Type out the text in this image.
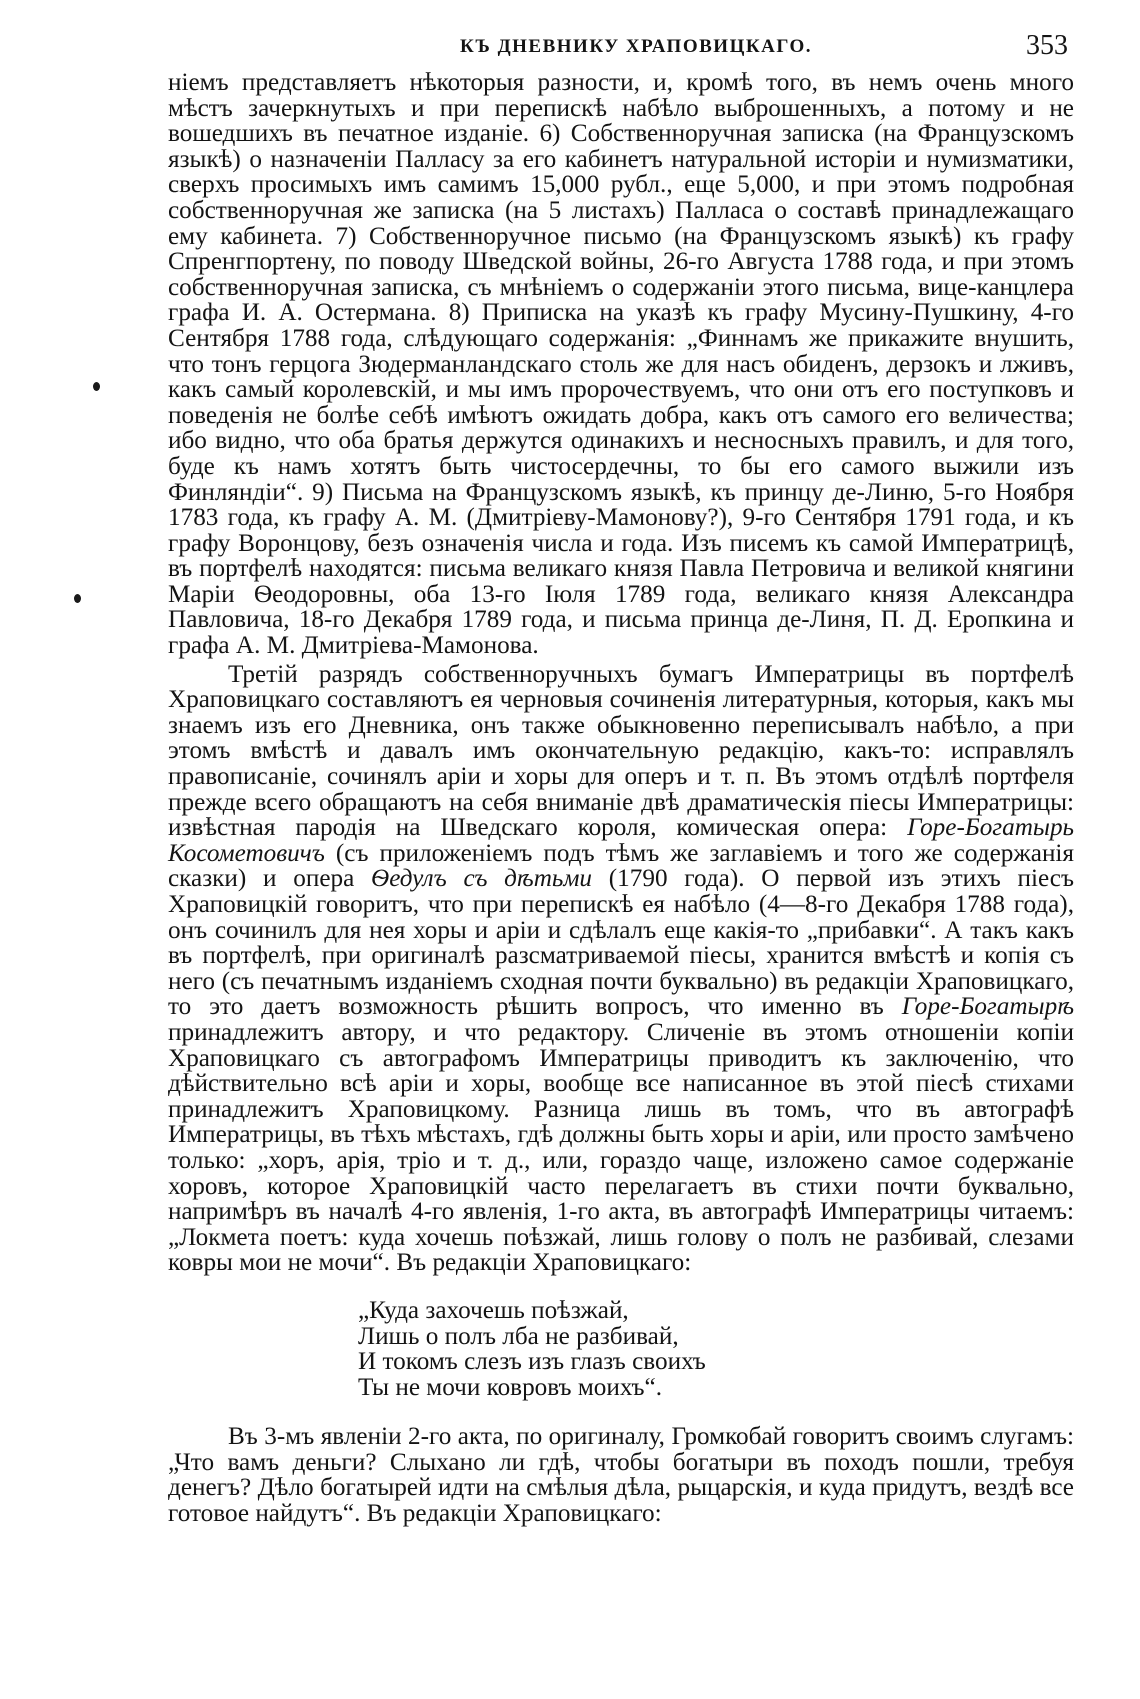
КЪ ДНЕВНИКУ ХРАПОВИЦКАГО.	353

ніемъ представляетъ нѣкоторыя разности, и, кромѣ того, въ немъ очень много мѣстъ зачеркнутыхъ и при перепискѣ набѣло выброшенныхъ, а потому и не вошедшихъ въ печатное изданіе. 6) Собственноручная записка (на Французскомъ языкѣ) о назначеніи Палласу за его кабинетъ натуральной исторіи и нумизматики, сверхъ просимыхъ имъ самимъ 15,000 рубл., еще 5,000, и при этомъ подробная собственноручная же записка (на 5 листахъ) Палласа о составѣ принадлежащаго ему кабинета. 7) Собственноручное письмо (на Французскомъ языкѣ) къ графу Спренгпортену, по поводу Шведской войны, 26-го Августа 1788 года, и при этомъ собственноручная записка, съ мнѣніемъ о содержаніи этого письма, вице-канцлера графа И. А. Остермана. 8) Приписка на указѣ къ графу Мусину-Пушкину, 4-го Сентября 1788 года, слѣдующаго содержанія: „Финнамъ же прикажите внушить, что тонъ герцога Зюдерманландскаго столь же для насъ обиденъ, дерзокъ и лживъ, какъ самый королевскій, и мы имъ пророчествуемъ, что они отъ его поступковъ и поведенія не болѣе себѣ имѣютъ ожидать добра, какъ отъ самого его величества; ибо видно, что оба братья держутся одинакихъ и несносныхъ правилъ, и для того, буде къ намъ хотятъ быть чистосердечны, то бы его самого выжили изъ Финляндіи“. 9) Письма на Французскомъ языкѣ, къ принцу де-Линю, 5-го Ноября 1783 года, къ графу А. М. (Дмитріеву-Мамонову?), 9-го Сентября 1791 года, и къ графу Воронцову, безъ означенія числа и года. Изъ писемъ къ самой Императрицѣ, въ портфелѣ находятся: письма великаго князя Павла Петровича и великой княгини Маріи Ѳеодоровны, оба 13-го Іюля 1789 года, великаго князя Александра Павловича, 18-го Декабря 1789 года, и письма принца де-Линя, П. Д. Еропкина и графа А. М. Дмитріева-Мамонова.

Третій разрядъ собственноручныхъ бумагъ Императрицы въ портфелѣ Храповицкаго составляютъ ея черновыя сочиненія литературныя, которыя, какъ мы знаемъ изъ его Дневника, онъ также обыкновенно переписывалъ набѣло, а при этомъ вмѣстѣ и давалъ имъ окончательную редакцію, какъ-то: исправлялъ правописаніе, сочинялъ аріи и хоры для оперъ и т. п. Въ этомъ отдѣлѣ портфеля прежде всего обращаютъ на себя вниманіе двѣ драматическія піесы Императрицы: извѣстная пародія на Шведскаго короля, комическая опера: Горе-Богатырь Косометовичъ (съ приложеніемъ подъ тѣмъ же заглавіемъ и того же содержанія сказки) и опера Ѳедулъ съ дѣтьми (1790 года). О первой изъ этихъ піесъ Храповицкій говоритъ, что при перепискѣ ея набѣло (4—8-го Декабря 1788 года), онъ сочинилъ для нея хоры и аріи и сдѣлалъ еще какія-то „прибавки“. А такъ какъ въ портфелѣ, при оригиналѣ разсматриваемой піесы, хранится вмѣстѣ и копія съ него (съ печатнымъ изданіемъ сходная почти буквально) въ редакціи Храповицкаго, то это даетъ возможность рѣшить вопросъ, что именно въ Горе-Богатырѣ принадлежитъ автору, и что редактору. Сличеніе въ этомъ отношеніи копіи Храповицкаго съ автографомъ Императрицы приводитъ къ заключенію, что дѣйствительно всѣ аріи и хоры, вообще все написанное въ этой піесѣ стихами принадлежитъ Храповицкому. Разница лишь въ томъ, что въ автографѣ Императрицы, въ тѣхъ мѣстахъ, гдѣ должны быть хоры и аріи, или просто замѣчено только: „хоръ, арія, тріо и т. д., или, гораздо чаще, изложено самое содержаніе хоровъ, которое Храповицкій часто перелагаетъ въ стихи почти буквально, напримѣръ въ началѣ 4-го явленія, 1-го акта, въ автографѣ Императрицы читаемъ: „Локмета поетъ: куда хочешь поѣзжай, лишь голову о полъ не разбивай, слезами ковры мои не мочи“. Въ редакціи Храповицкаго:

„Куда захочешь поѣзжай,
Лишь о полъ лба не разбивай,
И токомъ слезъ изъ глазъ своихъ
Ты не мочи ковровъ моихъ“.

Въ 3-мъ явленіи 2-го акта, по оригиналу, Громкобай говоритъ своимъ слугамъ: „Что вамъ деньги? Слыхано ли гдѣ, чтобы богатыри въ походъ пошли, требуя денегъ? Дѣло богатырей идти на смѣлыя дѣла, рыцарскія, и куда придутъ, вездѣ все готовое найдутъ“. Въ редакціи Храповицкаго:
